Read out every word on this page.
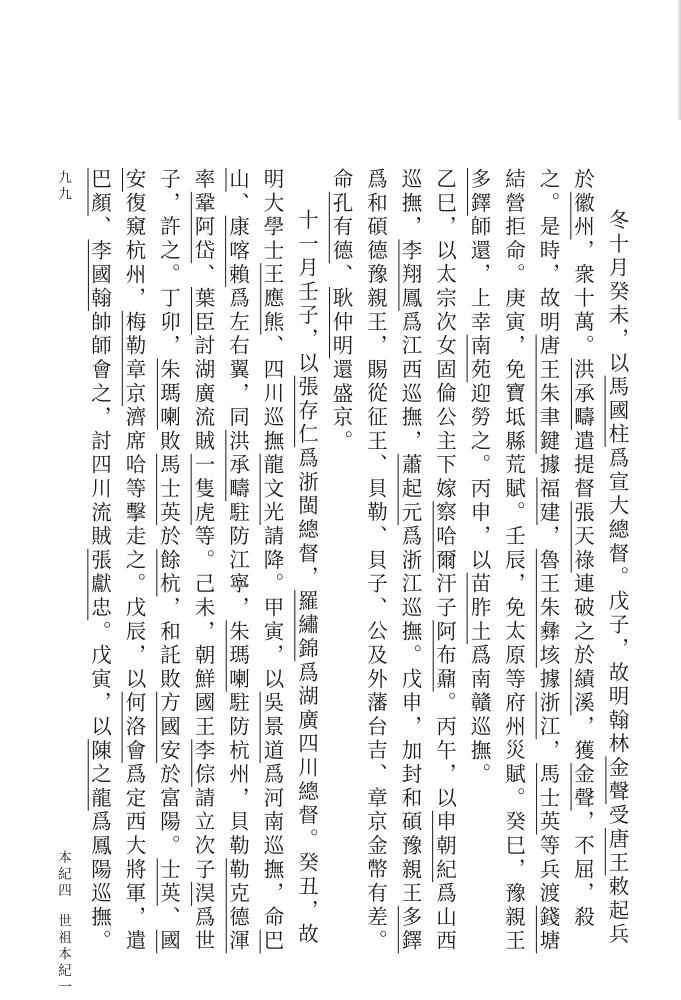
冬十月癸未，以馬國柱爲宣大總督。戊子，故明翰林金聲受唐王敕起兵於徽州，衆十萬。洪承疇遣提督張天祿連破之於績溪，獲金聲，不屈，殺之。是時，故明唐王朱聿鍵據福建，魯王朱彝垓據浙江，馬士英等兵渡錢塘結營拒命。庚寅，免寶坻縣荒賦。壬辰，免太原等府州災賦。癸巳，豫親王多鐸師還，上幸南苑迎勞之。丙申，以苗胙土爲南贛巡撫。

乙巳，以太宗次女固倫公主下嫁察哈爾汗子阿布鼐。丙午，以申朝紀爲山西巡撫，李翔鳳爲江西巡撫，蕭起元爲浙江巡撫。戊申，加封和碩豫親王多鐸爲和碩德豫親王，賜從征王、貝勒、貝子、公及外藩台吉、章京金幣有差。命孔有德、耿仲明還盛京。

十一月壬子，以張存仁爲浙閩總督，羅繡錦爲湖廣四川總督。癸丑，故明大學士王應熊、四川巡撫龍文光請降。甲寅，以吳景道爲河南巡撫，命巴山、康喀賴爲左右翼，同洪承疇駐防江寧，朱瑪喇駐防杭州，貝勒勒克德渾率鞏阿岱、葉臣討湖廣流賊一隻虎等。己未，朝鮮國王李倧請立次子淏爲世子，許之。丁卯，朱瑪喇敗馬士英於餘杭，和託敗方國安於富陽。士英、國安復窺杭州，梅勒章京濟席哈等擊走之。戊辰，以何洛會爲定西大將軍，遣巴顏、李國翰帥師會之，討四川流賊張獻忠。戊寅，以陳之龍爲鳳陽巡撫。

九九
本紀四世祖本紀一
